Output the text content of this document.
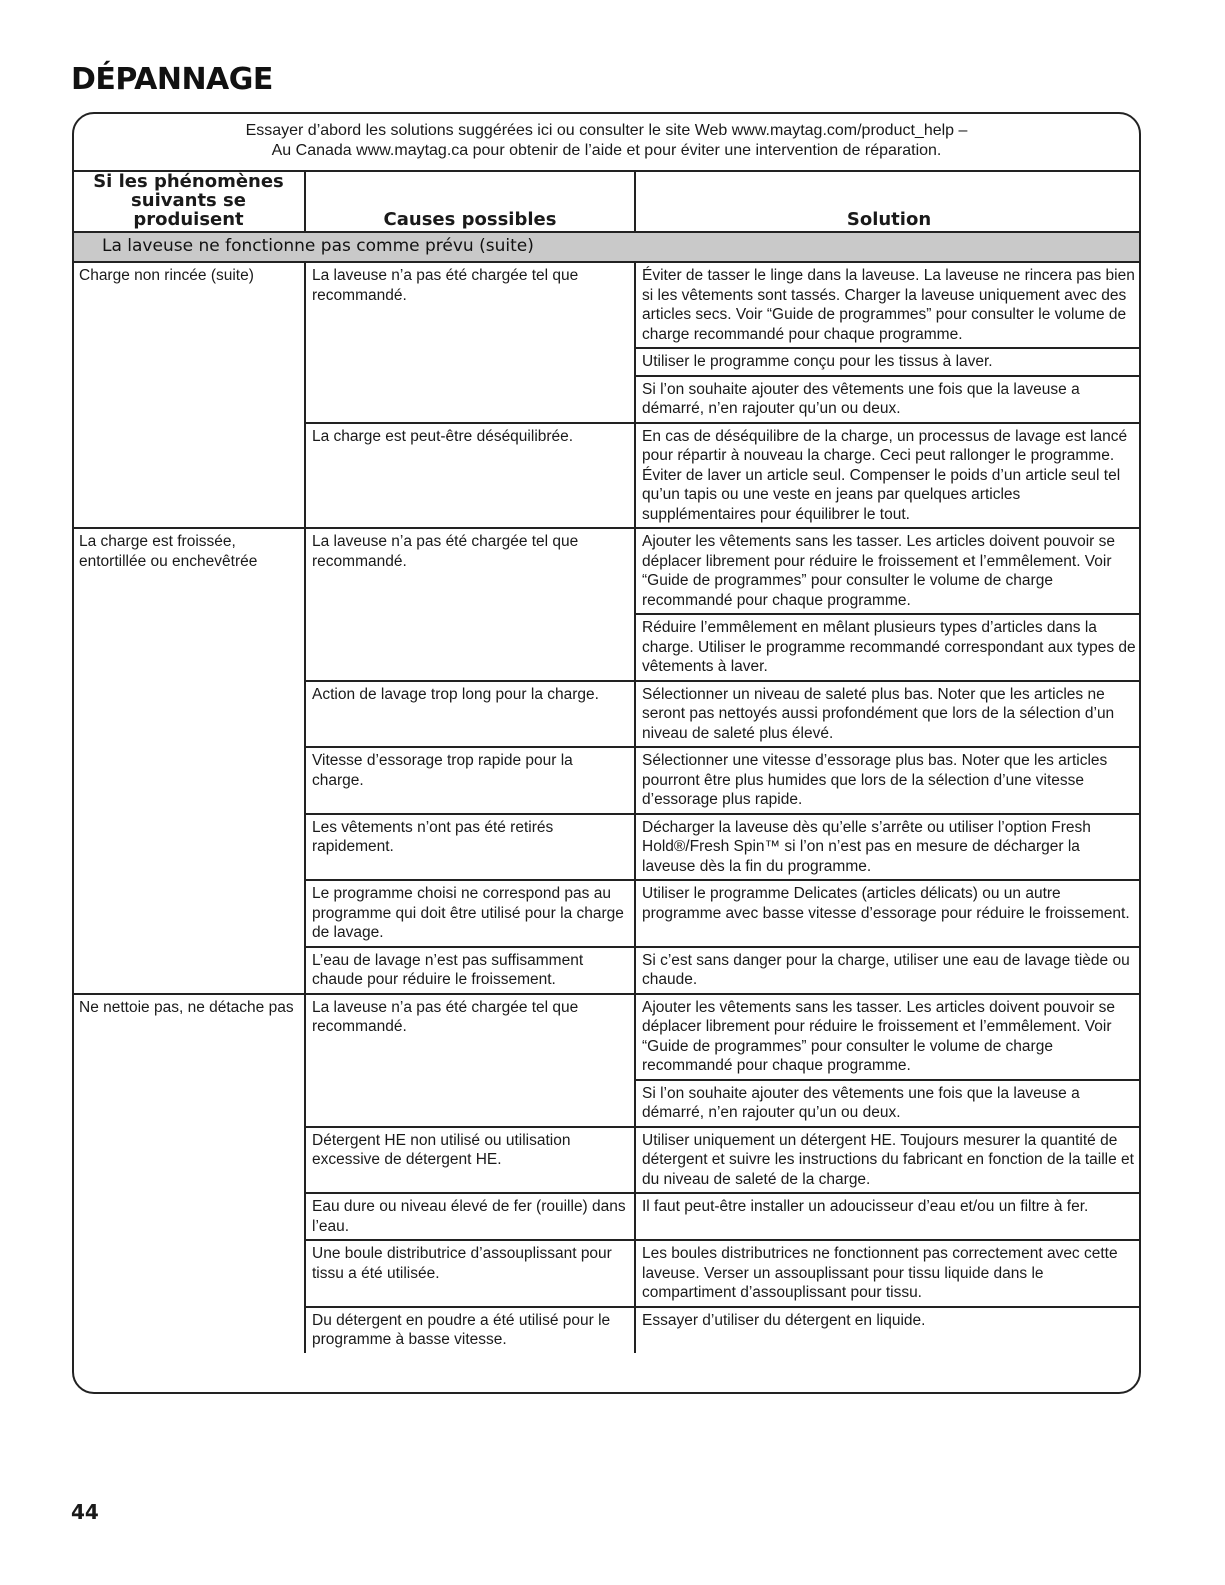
DÉPANNAGE
Essayer d’abord les solutions suggérées ici ou consulter le site Web www.maytag.com/product_help –
Au Canada www.maytag.ca pour obtenir de l’aide et pour éviter une intervention de réparation.
Si les phénomènes suivants se produisent	Causes possibles	Solution
La laveuse ne fonctionne pas comme prévu (suite)		
Charge non rincée (suite)	La laveuse n’a pas été chargée tel que recommandé.	Éviter de tasser le linge dans la laveuse. La laveuse ne rincera pas bien si les vêtements sont tassés. Charger la laveuse uniquement avec des articles secs. Voir “Guide de programmes” pour consulter le volume de charge recommandé pour chaque programme.
		Utiliser le programme conçu pour les tissus à laver.
		Si l’on souhaite ajouter des vêtements une fois que la laveuse a démarré, n’en rajouter qu’un ou deux.
	La charge est peut-être déséquilibrée.	En cas de déséquilibre de la charge, un processus de lavage est lancé pour répartir à nouveau la charge. Ceci peut rallonger le programme. Éviter de laver un article seul. Compenser le poids d’un article seul tel qu’un tapis ou une veste en jeans par quelques articles supplémentaires pour équilibrer le tout.
La charge est froissée, entortillée ou enchevêtrée	La laveuse n’a pas été chargée tel que recommandé.	Ajouter les vêtements sans les tasser. Les articles doivent pouvoir se déplacer librement pour réduire le froissement et l’emmêlement. Voir “Guide de programmes” pour consulter le volume de charge recommandé pour chaque programme.
		Réduire l’emmêlement en mêlant plusieurs types d’articles dans la charge. Utiliser le programme recommandé correspondant aux types de vêtements à laver.
	Action de lavage trop long pour la charge.	Sélectionner un niveau de saleté plus bas. Noter que les articles ne seront pas nettoyés aussi profondément que lors de la sélection d’un niveau de saleté plus élevé.
	Vitesse d’essorage trop rapide pour la charge.	Sélectionner une vitesse d’essorage plus bas. Noter que les articles pourront être plus humides que lors de la sélection d’une vitesse d’essorage plus rapide.
	Les vêtements n’ont pas été retirés rapidement.	Décharger la laveuse dès qu’elle s’arrête ou utiliser l’option Fresh Hold®/Fresh Spin™ si l’on n’est pas en mesure de décharger la laveuse dès la fin du programme.
	Le programme choisi ne correspond pas au programme qui doit être utilisé pour la charge de lavage.	Utiliser le programme Delicates (articles délicats) ou un autre programme avec basse vitesse d’essorage pour réduire le froissement.
	L’eau de lavage n’est pas suffisamment chaude pour réduire le froissement.	Si c’est sans danger pour la charge, utiliser une eau de lavage tiède ou chaude.
Ne nettoie pas, ne détache pas	La laveuse n’a pas été chargée tel que recommandé.	Ajouter les vêtements sans les tasser. Les articles doivent pouvoir se déplacer librement pour réduire le froissement et l’emmêlement. Voir “Guide de programmes” pour consulter le volume de charge recommandé pour chaque programme.
		Si l’on souhaite ajouter des vêtements une fois que la laveuse a démarré, n’en rajouter qu’un ou deux.
	Détergent HE non utilisé ou utilisation excessive de détergent HE.	Utiliser uniquement un détergent HE. Toujours mesurer la quantité de détergent et suivre les instructions du fabricant en fonction de la taille et du niveau de saleté de la charge.
	Eau dure ou niveau élevé de fer (rouille) dans l’eau.	Il faut peut-être installer un adoucisseur d’eau et/ou un filtre à fer.
	Une boule distributrice d’assouplissant pour tissu a été utilisée.	Les boules distributrices ne fonctionnent pas correctement avec cette laveuse. Verser un assouplissant pour tissu liquide dans le compartiment d’assouplissant pour tissu.
	Du détergent en poudre a été utilisé pour le programme à basse vitesse.	Essayer d’utiliser du détergent en liquide.
44
